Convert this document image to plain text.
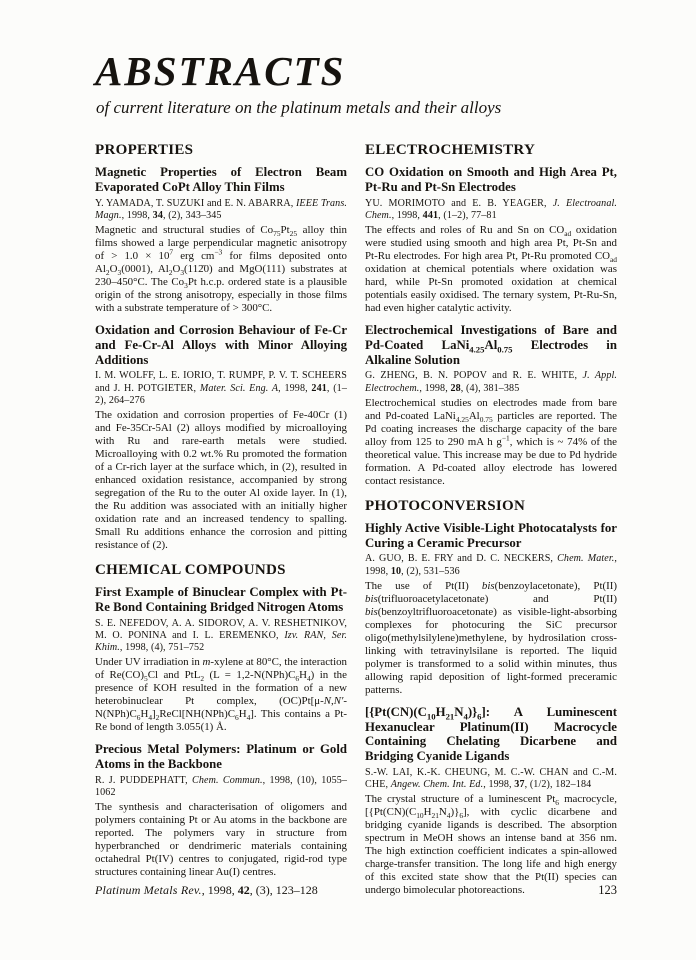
ABSTRACTS
of current literature on the platinum metals and their alloys
PROPERTIES
Magnetic Properties of Electron Beam Evaporated CoPt Alloy Thin Films

Y. YAMADA, T. SUZUKI and E. N. ABARRA, IEEE Trans. Magn., 1998, 34, (2), 343–345

Magnetic and structural studies of $Co_{75}Pt_{25}$ alloy thin films showed a large perpendicular magnetic anisotropy of > $1.0 \times 10^7$ erg $cm^{-3}$ for films deposited onto $Al_2O_3(0001)$, $Al_2O_3(112̄0)$ and MgO(111) substrates at 230–450°C. The $Co_3Pt$ h.c.p. ordered state is a plausible origin of the strong anisotropy, especially in those films with a substrate temperature of > 300°C.

Oxidation and Corrosion Behaviour of Fe-Cr and Fe-Cr-Al Alloys with Minor Alloying Additions

I. M. WOLFF, L. E. IORIO, T. RUMPF, P. V. T. SCHEERS and J. H. POTGIETER, Mater. Sci. Eng. A, 1998, 241, (1–2), 264–276

The oxidation and corrosion properties of Fe-40Cr (1) and Fe-35Cr-5Al (2) alloys modified by microalloying with Ru and rare-earth metals were studied. Microalloying with 0.2 wt.% Ru promoted the formation of a Cr-rich layer at the surface which, in (2), resulted in enhanced oxidation resistance, accompanied by strong segregation of the Ru to the outer Al oxide layer. In (1), the Ru addition was associated with an initially higher oxidation rate and an increased tendency to spalling. Small Ru additions enhance the corrosion and pitting resistance of (2).

CHEMICAL COMPOUNDS
First Example of Binuclear Complex with Pt-Re Bond Containing Bridged Nitrogen Atoms

S. E. NEFEDOV, A. A. SIDOROV, A. V. RESHETNIKOV, M. O. PONINA and I. L. EREMENKO, Izv. RAN, Ser. Khim., 1998, (4), 751–752

Under UV irradiation in m-xylene at 80°C, the interaction of $Re(CO)_5Cl$ and PtL$_2$ $(L = 1,2-N(NPh)C_6H_4)$ in the presence of KOH resulted in the formation of a new heterobinuclear Pt complex, $(OC)Pt[\mu-N,N'-N(NPh)C_6H_4]_2ReCl[NH(NPh)C_6H_4]$. This contains a Pt-Re bond of length 3.055(1) Å.

Precious Metal Polymers: Platinum or Gold Atoms in the Backbone

R. J. PUDDEPHATT, Chem. Commun., 1998, (10), 1055–1062

The synthesis and characterisation of oligomers and polymers containing Pt or Au atoms in the backbone are reported. The polymers vary in structure from hyperbranched or dendrimeric materials containing octahedral Pt(IV) centres to conjugated, rigid-rod type structures containing linear Au(I) centres.

ELECTROCHEMISTRY
CO Oxidation on Smooth and High Area Pt, Pt-Ru and Pt-Sn Electrodes

YU. MORIMOTO and E. B. YEAGER, J. Electroanal. Chem., 1998, 441, (1–2), 77–81

The effects and roles of Ru and Sn on $CO_{ad}$ oxidation were studied using smooth and high area Pt, Pt-Sn and Pt-Ru electrodes. For high area Pt, Pt-Ru promoted $CO_{ad}$ oxidation at chemical potentials where oxidation was hard, while Pt-Sn promoted oxidation at chemical potentials easily oxidised. The ternary system, Pt-Ru-Sn, had even higher catalytic activity.

Electrochemical Investigations of Bare and Pd-Coated $LaNi_{4.25}Al_{0.75}$ Electrodes in Alkaline Solution

G. ZHENG, B. N. POPOV and R. E. WHITE, J. Appl. Electrochem., 1998, 28, (4), 381–385

Electrochemical studies on electrodes made from bare and Pd-coated $LaNi_{4.25}Al_{0.75}$ particles are reported. The Pd coating increases the discharge capacity of the bare alloy from 125 to 290 mA h $g^{-1}$, which is ~ 74% of the theoretical value. This increase may be due to Pd hydride formation. A Pd-coated alloy electrode has lowered contact resistance.

PHOTOCONVERSION
Highly Active Visible-Light Photocatalysts for Curing a Ceramic Precursor

A. GUO, B. E. FRY and D. C. NECKERS, Chem. Mater., 1998, 10, (2), 531–536

The use of Pt(II) bis(benzoylacetonate), Pt(II) bis(trifluoroacetylacetonate) and Pt(II) bis(benzoyltrifluoroacetonate) as visible-light-absorbing complexes for photocuring the SiC precursor oligo(methylsilylene)methylene, by hydrosilation cross-linking with tetravinylsilane is reported. The liquid polymer is transformed to a solid within minutes, thus allowing rapid deposition of light-formed preceramic patterns.

$[\{Pt(CN)(C_{10}H_{21}N_4)\}_6]$: A Luminescent Hexanuclear Platinum(II) Macrocycle Containing Chelating Dicarbene and Bridging Cyanide Ligands

S.-W. LAI, K.-K. CHEUNG, M. C.-W. CHAN and C.-M. CHE, Angew. Chem. Int. Ed., 1998, 37, (1/2), 182–184

The crystal structure of a luminescent $Pt_6$ macrocycle, $[\{Pt(CN)(C_{10}H_{21}N_4)\}_6]$, with cyclic dicarbene and bridging cyanide ligands is described. The absorption spectrum in MeOH shows an intense band at 356 nm. The high extinction coefficient indicates a spin-allowed charge-transfer transition. The long life and high energy of this excited state show that the Pt(II) species can undergo bimolecular photoreactions.

Platinum Metals Rev., 1998, 42, (3), 123–128	123
